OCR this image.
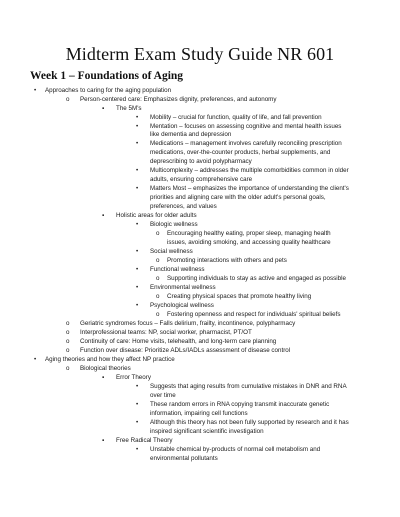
Midterm Exam Study Guide NR 601
Week 1 – Foundations of Aging
• Approaches to caring for the aging population
o Person-centered care: Emphasizes dignity, preferences, and autonomy
▪ The 5M's
• Mobility – crucial for function, quality of life, and fall prevention
• Mentation – focuses on assessing cognitive and mental health issues
like dementia and depression
• Medications – management involves carefully reconciling prescription
medications, over-the-counter products, herbal supplements, and
deprescribing to avoid polypharmacy
• Multicomplexity – addresses the multiple comorbidities common in older
adults, ensuring comprehensive care
• Matters Most – emphasizes the importance of understanding the client's
priorities and aligning care with the older adult's personal goals,
preferences, and values
▪ Holistic areas for older adults
• Biologic wellness
o Encouraging healthy eating, proper sleep, managing health
issues, avoiding smoking, and accessing quality healthcare
• Social wellness
o Promoting interactions with others and pets
• Functional wellness
o Supporting individuals to stay as active and engaged as possible
• Environmental wellness
o Creating physical spaces that promote healthy living
• Psychological wellness
o Fostering openness and respect for individuals' spiritual beliefs
o Geriatric syndromes focus – Falls delirium, frailty, incontinence, polypharmacy
o Interprofessional teams: NP, social worker, pharmacist, PT/OT
o Continuity of care: Home visits, telehealth, and long-term care planning
o Function over disease: Prioritize ADLs/IADLs assessment of disease control
• Aging theories and how they affect NP practice
o Biological theories
▪ Error Theory
• Suggests that aging results from cumulative mistakes in DNR and RNA
over time
• These random errors in RNA copying transmit inaccurate genetic
information, impairing cell functions
• Although this theory has not been fully supported by research and it has
inspired significant scientific investigation
▪ Free Radical Theory
• Unstable chemical by-products of normal cell metabolism and
environmental pollutants
